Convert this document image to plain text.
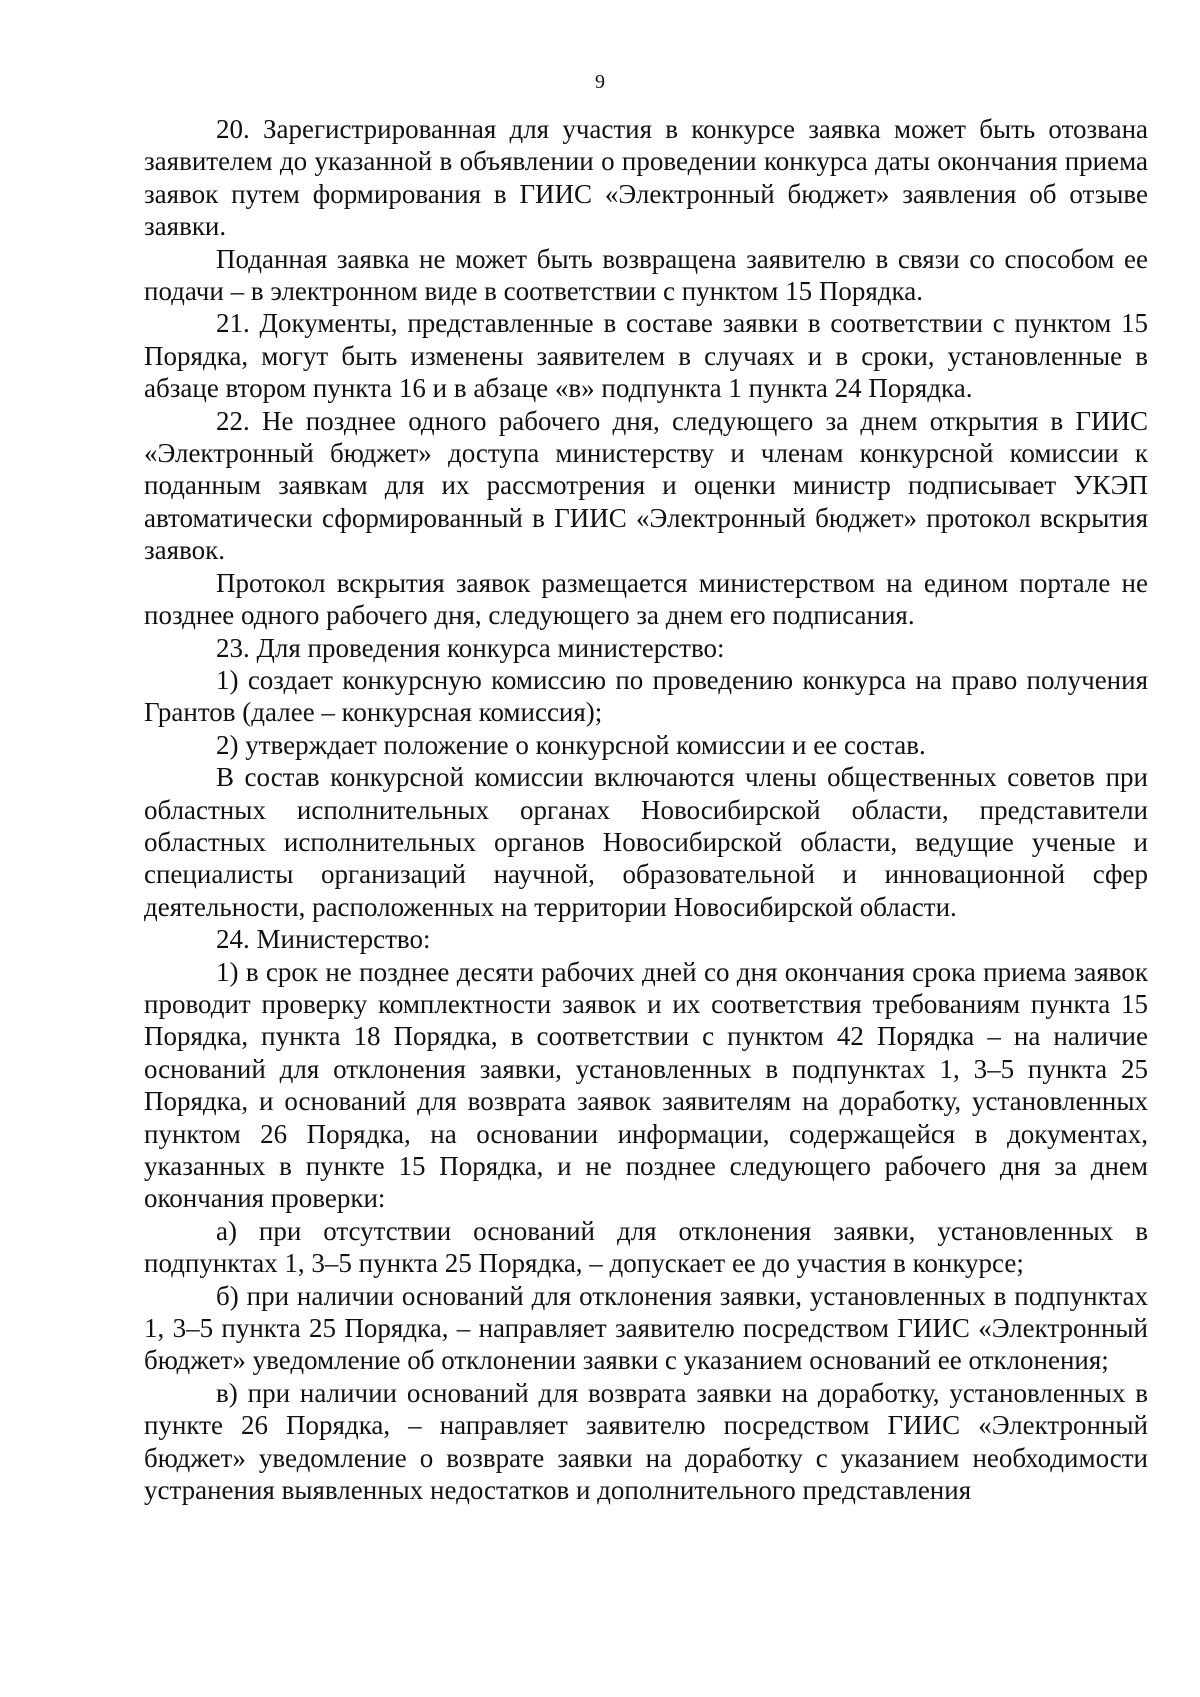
9

20. Зарегистрированная для участия в конкурсе заявка может быть отозвана заявителем до указанной в объявлении о проведении конкурса даты окончания приема заявок путем формирования в ГИИС «Электронный бюджет» заявления об отзыве заявки.

Поданная заявка не может быть возвращена заявителю в связи со способом ее подачи – в электронном виде в соответствии с пунктом 15 Порядка.

21. Документы, представленные в составе заявки в соответствии с пунктом 15 Порядка, могут быть изменены заявителем в случаях и в сроки, установленные в абзаце втором пункта 16 и в абзаце «в» подпункта 1 пункта 24 Порядка.

22. Не позднее одного рабочего дня, следующего за днем открытия в ГИИС «Электронный бюджет» доступа министерству и членам конкурсной комиссии к поданным заявкам для их рассмотрения и оценки министр подписывает УКЭП автоматически сформированный в ГИИС «Электронный бюджет» протокол вскрытия заявок.

Протокол вскрытия заявок размещается министерством на едином портале не позднее одного рабочего дня, следующего за днем его подписания.

23. Для проведения конкурса министерство:

1) создает конкурсную комиссию по проведению конкурса на право получения Грантов (далее – конкурсная комиссия);

2) утверждает положение о конкурсной комиссии и ее состав.

В состав конкурсной комиссии включаются члены общественных советов при областных исполнительных органах Новосибирской области, представители областных исполнительных органов Новосибирской области, ведущие ученые и специалисты организаций научной, образовательной и инновационной сфер деятельности, расположенных на территории Новосибирской области.

24. Министерство:

1) в срок не позднее десяти рабочих дней со дня окончания срока приема заявок проводит проверку комплектности заявок и их соответствия требованиям пункта 15 Порядка, пункта 18 Порядка, в соответствии с пунктом 42 Порядка – на наличие оснований для отклонения заявки, установленных в подпунктах 1, 3–5 пункта 25 Порядка, и оснований для возврата заявок заявителям на доработку, установленных пунктом 26 Порядка, на основании информации, содержащейся в документах, указанных в пункте 15 Порядка, и не позднее следующего рабочего дня за днем окончания проверки:

а) при отсутствии оснований для отклонения заявки, установленных в подпунктах 1, 3–5 пункта 25 Порядка, – допускает ее до участия в конкурсе;

б) при наличии оснований для отклонения заявки, установленных в подпунктах 1, 3–5 пункта 25 Порядка, – направляет заявителю посредством ГИИС «Электронный бюджет» уведомление об отклонении заявки с указанием оснований ее отклонения;

в) при наличии оснований для возврата заявки на доработку, установленных в пункте 26 Порядка, – направляет заявителю посредством ГИИС «Электронный бюджет» уведомление о возврате заявки на доработку с указанием необходимости устранения выявленных недостатков и дополнительного представления
